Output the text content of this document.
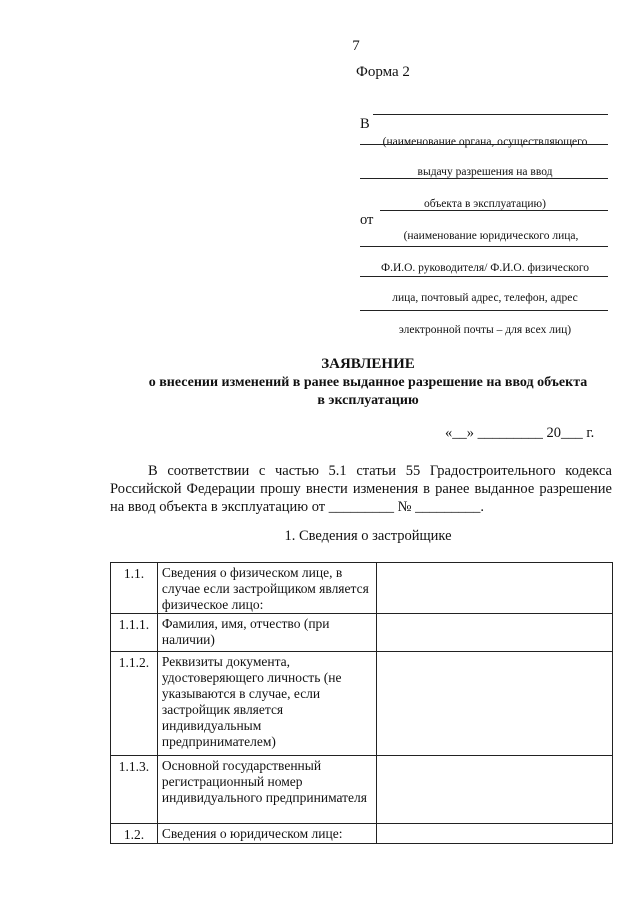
7
Форма 2
В
(наименование органа, осуществляющего
выдачу разрешения на ввод
объекта в эксплуатацию)
от
(наименование юридического лица,
Ф.И.О. руководителя/ Ф.И.О. физического
лица, почтовый адрес, телефон, адрес
электронной почты – для всех лиц)
ЗАЯВЛЕНИЕ
о внесении изменений в ранее выданное разрешение на ввод объекта
в эксплуатацию
«__» _________ 20___ г.
В соответствии с частью 5.1 статьи 55 Градостроительного кодекса Российской Федерации прошу внести изменения в ранее выданное разрешение на ввод объекта в эксплуатацию от _________ № _________.
1. Сведения о застройщике
1.1.	Сведения о физическом лице, в случае если застройщиком является физическое лицо:	
1.1.1.	Фамилия, имя, отчество (при наличии)	
1.1.2.	Реквизиты документа, удостоверяющего личность (не указываются в случае, если застройщик является индивидуальным предпринимателем)	
1.1.3.	Основной государственный регистрационный номер индивидуального предпринимателя	
1.2.	Сведения о юридическом лице:	
